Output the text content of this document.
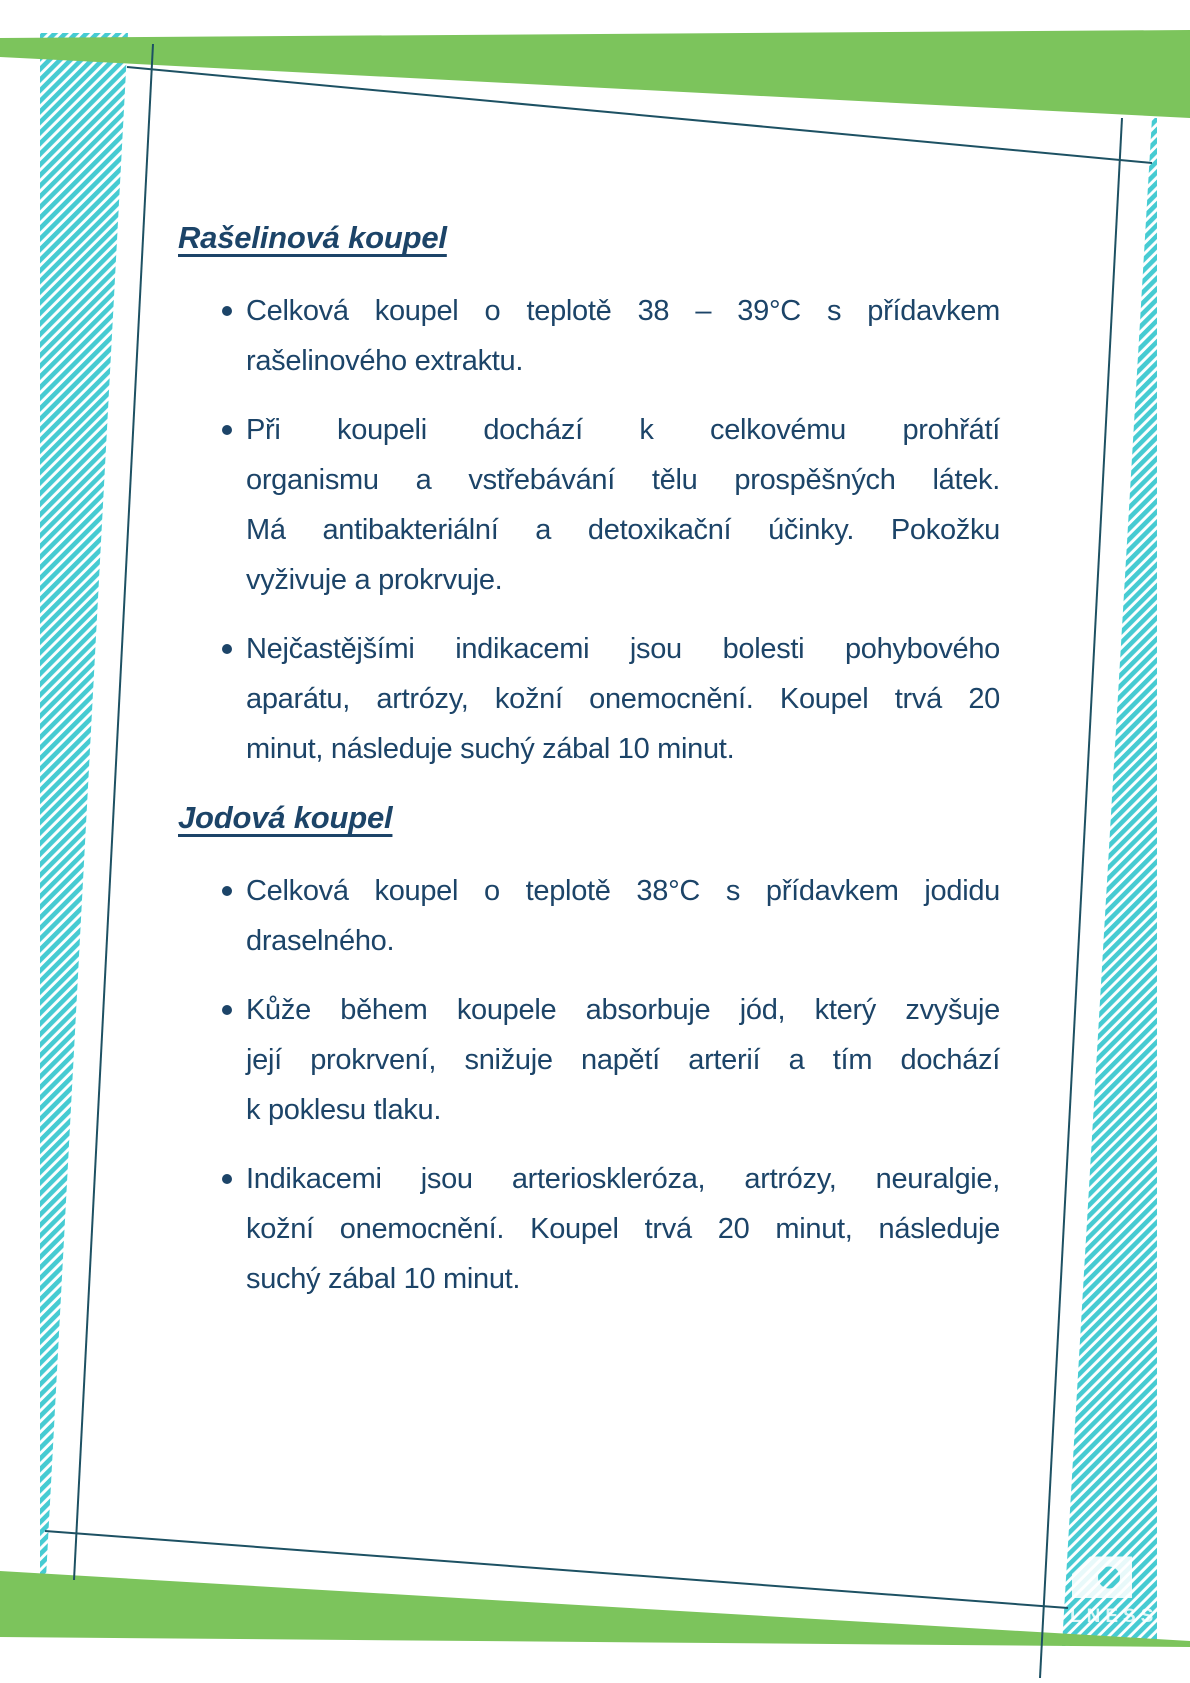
LNESS
Rašelinová koupel
Celková koupel o teplotě 38 – 39°C s přídavkem
rašelinového extraktu.
Při koupeli dochází k celkovému prohřátí
organismu a vstřebávání tělu prospěšných látek.
Má antibakteriální a detoxikační účinky. Pokožku
vyživuje a prokrvuje.
Nejčastějšími indikacemi jsou bolesti pohybového
aparátu, artrózy, kožní onemocnění. Koupel trvá 20
minut, následuje suchý zábal 10 minut.
Jodová koupel
Celková koupel o teplotě 38°C s přídavkem jodidu
draselného.
Kůže během koupele absorbuje jód, který zvyšuje
její prokrvení, snižuje napětí arterií a tím dochází
k poklesu tlaku.
Indikacemi jsou arterioskleróza, artrózy, neuralgie,
kožní onemocnění. Koupel trvá 20 minut, následuje
suchý zábal 10 minut.
